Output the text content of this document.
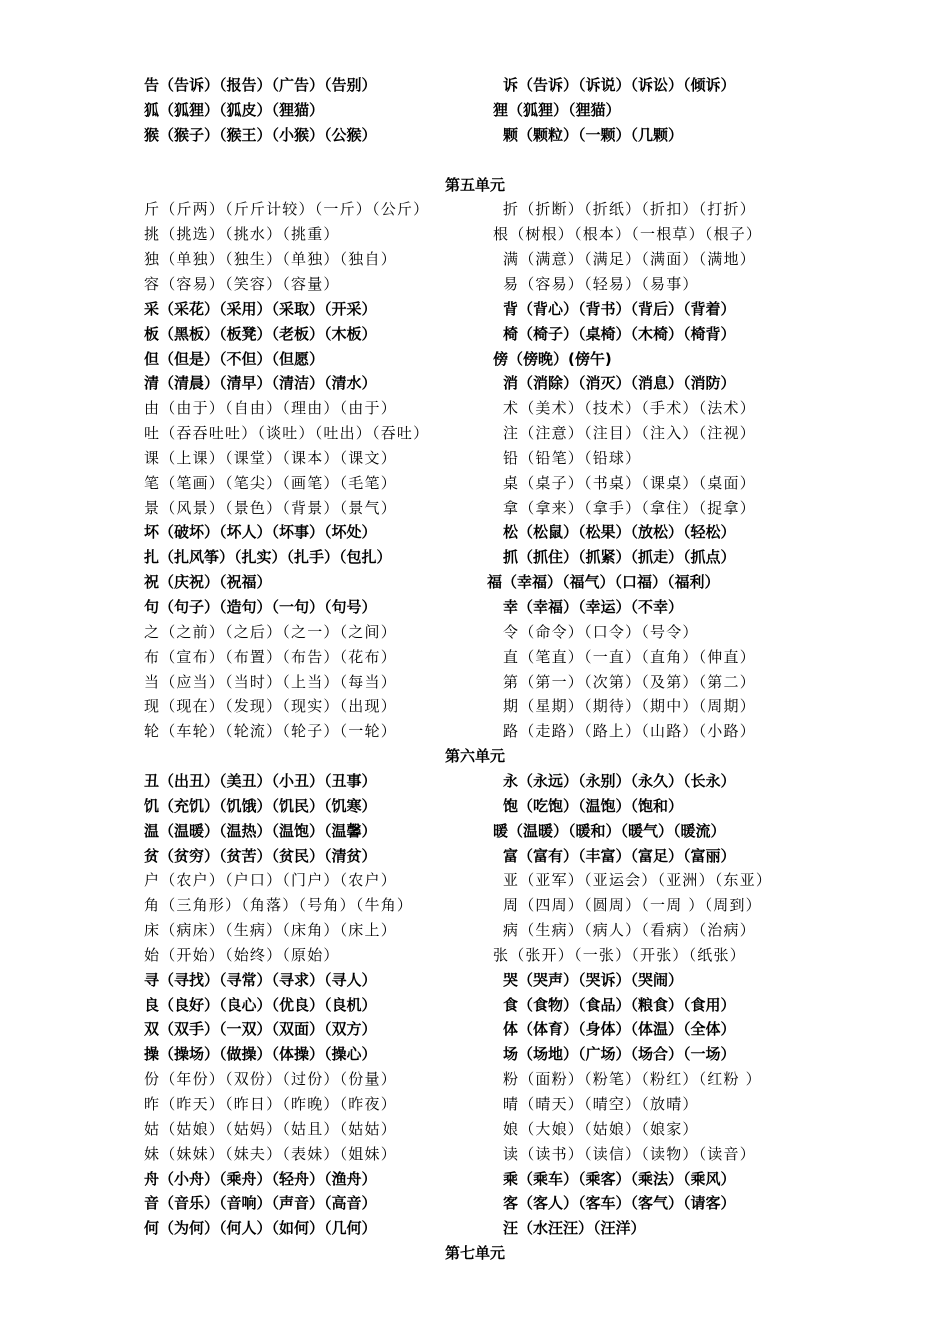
告（告诉）（报告）（广告）（告别）	诉（告诉）（诉说）（诉讼）（倾诉）
狐（狐狸）（狐皮）（狸猫）	狸（狐狸）（狸猫）
猴（猴子）（猴王）（小猴）（公猴）	颗（颗粒）（一颗）（几颗）
第五单元
斤（斤两）（斤斤计较）（一斤）（公斤）	折（折断）（折纸）（折扣）（打折）
挑（挑选）（挑水）（挑重）	根（树根）（根本）（一根草）（根子）
独（单独）（独生）（单独）（独自）	满（满意）（满足）（满面）（满地）
容（容易）（笑容）（容量）	易（容易）（轻易）（易事）
采（采花）（采用）（采取）（开采）	背（背心）（背书）（背后）（背着）
板（黑板）（板凳）（老板）（木板）	椅（椅子）（桌椅）（木椅）（椅背）
但（但是）（不但）（但愿）	傍（傍晚）(傍午)
清（清晨）（清早）（清洁）（清水）	消（消除）（消灭）（消息）（消防）
由（由于）（自由）（理由）（由于）	术（美术）（技术）（手术）（法术）
吐（吞吞吐吐）（谈吐）（吐出）（吞吐）	注（注意）（注目）（注入）（注视）
课（上课）（课堂）（课本）（课文）	铅（铅笔）（铅球）
笔（笔画）（笔尖）（画笔）（毛笔）	桌（桌子）（书桌）（课桌）（桌面）
景（风景）（景色）（背景）（景气）	拿（拿来）（拿手）（拿住）（捉拿）
坏（破坏）（坏人）（坏事）（坏处）	松（松鼠）（松果）（放松）（轻松）
扎（扎风筝）（扎实）（扎手）（包扎）	抓（抓住）（抓紧）（抓走）（抓点）
祝（庆祝）（祝福）	福（幸福）（福气）（口福）（福利）
句（句子）（造句）（一句）（句号）	幸（幸福）（幸运）（不幸）
之（之前）（之后）（之一）（之间）	令（命令）（口令）（号令）
布（宣布）（布置）（布告）（花布）	直（笔直）（一直）（直角）（伸直）
当（应当）（当时）（上当）（每当）	第（第一）（次第）（及第）（第二）
现（现在）（发现）（现实）（出现）	期（星期）（期待）（期中）（周期）
轮（车轮）（轮流）（轮子）（一轮）	路（走路）（路上）（山路）（小路）
第六单元
丑（出丑）（美丑）（小丑）（丑事）	永（永远）（永别）（永久）（长永）
饥（充饥）（饥饿）（饥民）（饥寒）	饱（吃饱）（温饱）（饱和）
温（温暖）（温热）（温饱）（温馨）	暖（温暖）（暖和）（暖气）（暖流）
贫（贫穷）（贫苦）（贫民）（清贫）	富（富有）（丰富）（富足）（富丽）
户（农户）（户口）（门户）（农户）	亚（亚军）（亚运会）（亚洲）（东亚）
角（三角形）（角落）（号角）（牛角）	周（四周）（圆周）（一周 ）（周到）
床（病床）（生病）（床角）（床上）	病（生病）（病人）（看病）（治病）
始（开始）（始终）（原始）	张（张开）（一张）（开张）（纸张）
寻（寻找）（寻常）（寻求）（寻人）	哭（哭声）（哭诉）（哭闹）
良（良好）（良心）（优良）（良机）	食（食物）（食品）（粮食）（食用）
双（双手）（一双）（双面）（双方）	体（体育）（身体）（体温）（全体）
操（操场）（做操）（体操）（操心）	场（场地）（广场）（场合）（一场）
份（年份）（双份）（过份）（份量）	粉（面粉）（粉笔）（粉红）（红粉 ）
昨（昨天）（昨日）（昨晚）（昨夜）	晴（晴天）（晴空）（放晴）
姑（姑娘）（姑妈）（姑且）（姑姑）	娘（大娘）（姑娘）（娘家）
妹（妹妹）（妹夫）（表妹）（姐妹）	读（读书）（读信）（读物）（读音）
舟（小舟）（乘舟）（轻舟）（渔舟）	乘（乘车）（乘客）（乘法）（乘风）
音（音乐）（音响）（声音）（高音）	客（客人）（客车）（客气）（请客）
何（为何）（何人）（如何）（几何）	汪（水汪汪）（汪洋）
第七单元
